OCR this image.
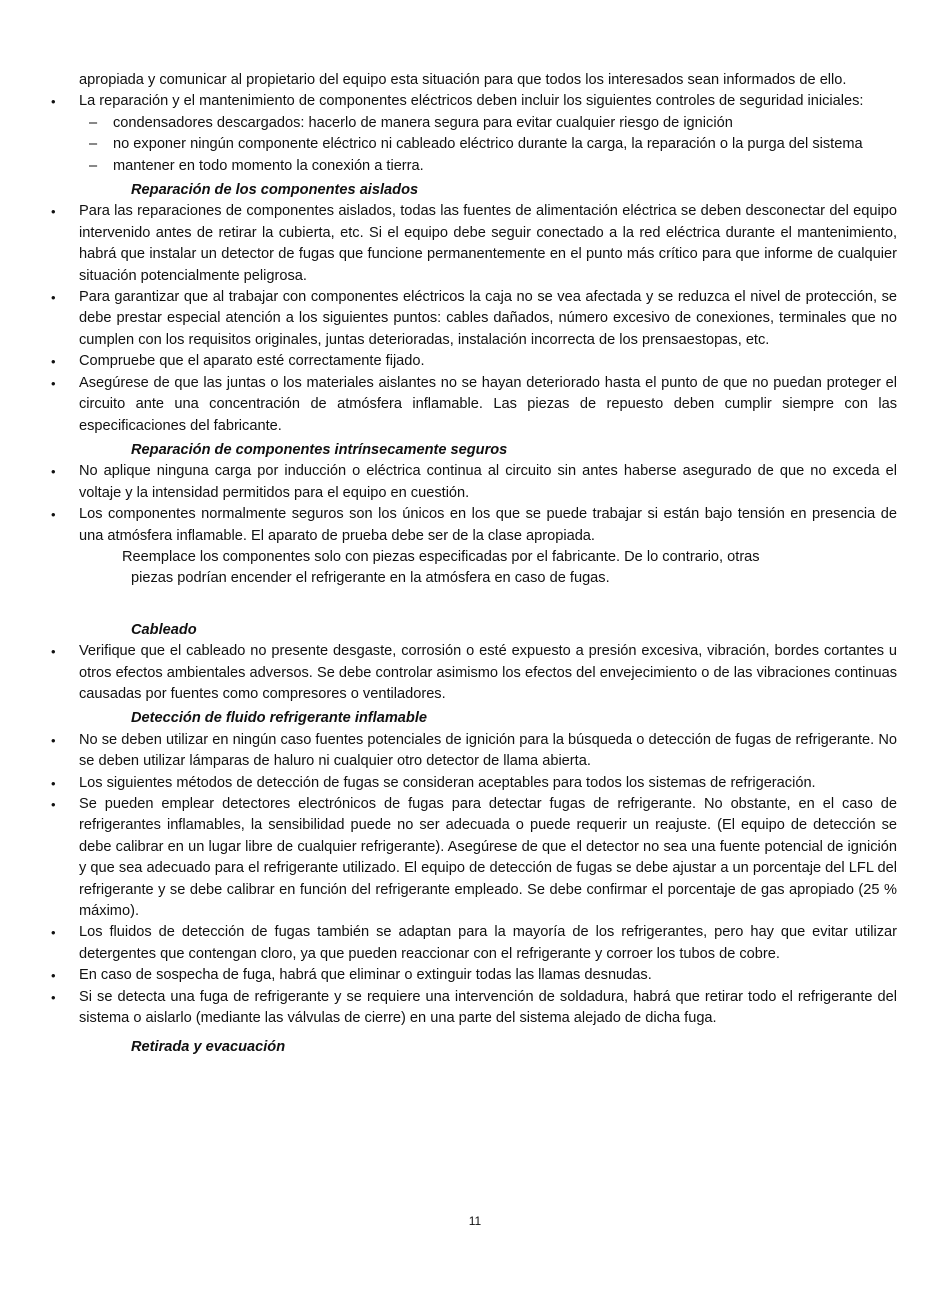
apropiada y comunicar al propietario del equipo esta situación para que todos los interesados sean informados de ello.

• La reparación y el mantenimiento de componentes eléctricos deben incluir los siguientes controles de seguridad iniciales:
– condensadores descargados: hacerlo de manera segura para evitar cualquier riesgo de ignición
– no exponer ningún componente eléctrico ni cableado eléctrico durante la carga, la reparación o la purga del sistema
– mantener en todo momento la conexión a tierra.
Reparación de los componentes aislados
• Para las reparaciones de componentes aislados, todas las fuentes de alimentación eléctrica se deben desconectar del equipo intervenido antes de retirar la cubierta, etc. Si el equipo debe seguir conectado a la red eléctrica durante el mantenimiento, habrá que instalar un detector de fugas que funcione permanentemente en el punto más crítico para que informe de cualquier situación potencialmente peligrosa.
• Para garantizar que al trabajar con componentes eléctricos la caja no se vea afectada y se reduzca el nivel de protección, se debe prestar especial atención a los siguientes puntos: cables dañados, número excesivo de conexiones, terminales que no cumplen con los requisitos originales, juntas deterioradas, instalación incorrecta de los prensaestopas, etc.
• Compruebe que el aparato esté correctamente fijado.
• Asegúrese de que las juntas o los materiales aislantes no se hayan deteriorado hasta el punto de que no puedan proteger el circuito ante una concentración de atmósfera inflamable. Las piezas de repuesto deben cumplir siempre con las especificaciones del fabricante.
Reparación de componentes intrínsecamente seguros
• No aplique ninguna carga por inducción o eléctrica continua al circuito sin antes haberse asegurado de que no exceda el voltaje y la intensidad permitidos para el equipo en cuestión.
• Los componentes normalmente seguros son los únicos en los que se puede trabajar si están bajo tensión en presencia de una atmósfera inflamable. El aparato de prueba debe ser de la clase apropiada.

Reemplace los componentes solo con piezas especificadas por el fabricante. De lo contrario, otras

piezas podrían encender el refrigerante en la atmósfera en caso de fugas.

Cableado
• Verifique que el cableado no presente desgaste, corrosión o esté expuesto a presión excesiva, vibración, bordes cortantes u otros efectos ambientales adversos. Se debe controlar asimismo los efectos del envejecimiento o de las vibraciones continuas causadas por fuentes como compresores o ventiladores.
Detección de fluido refrigerante inflamable
• No se deben utilizar en ningún caso fuentes potenciales de ignición para la búsqueda o detección de fugas de refrigerante. No se deben utilizar lámparas de haluro ni cualquier otro detector de llama abierta.
• Los siguientes métodos de detección de fugas se consideran aceptables para todos los sistemas de refrigeración.
• Se pueden emplear detectores electrónicos de fugas para detectar fugas de refrigerante. No obstante, en el caso de refrigerantes inflamables, la sensibilidad puede no ser adecuada o puede requerir un reajuste. (El equipo de detección se debe calibrar en un lugar libre de cualquier refrigerante). Asegúrese de que el detector no sea una fuente potencial de ignición y que sea adecuado para el refrigerante utilizado. El equipo de detección de fugas se debe ajustar a un porcentaje del LFL del refrigerante y se debe calibrar en función del refrigerante empleado. Se debe confirmar el porcentaje de gas apropiado (25 % máximo).
• Los fluidos de detección de fugas también se adaptan para la mayoría de los refrigerantes, pero hay que evitar utilizar detergentes que contengan cloro, ya que pueden reaccionar con el refrigerante y corroer los tubos de cobre.
• En caso de sospecha de fuga, habrá que eliminar o extinguir todas las llamas desnudas.
• Si se detecta una fuga de refrigerante y se requiere una intervención de soldadura, habrá que retirar todo el refrigerante del sistema o aislarlo (mediante las válvulas de cierre) en una parte del sistema alejado de dicha fuga.
Retirada y evacuación
11
